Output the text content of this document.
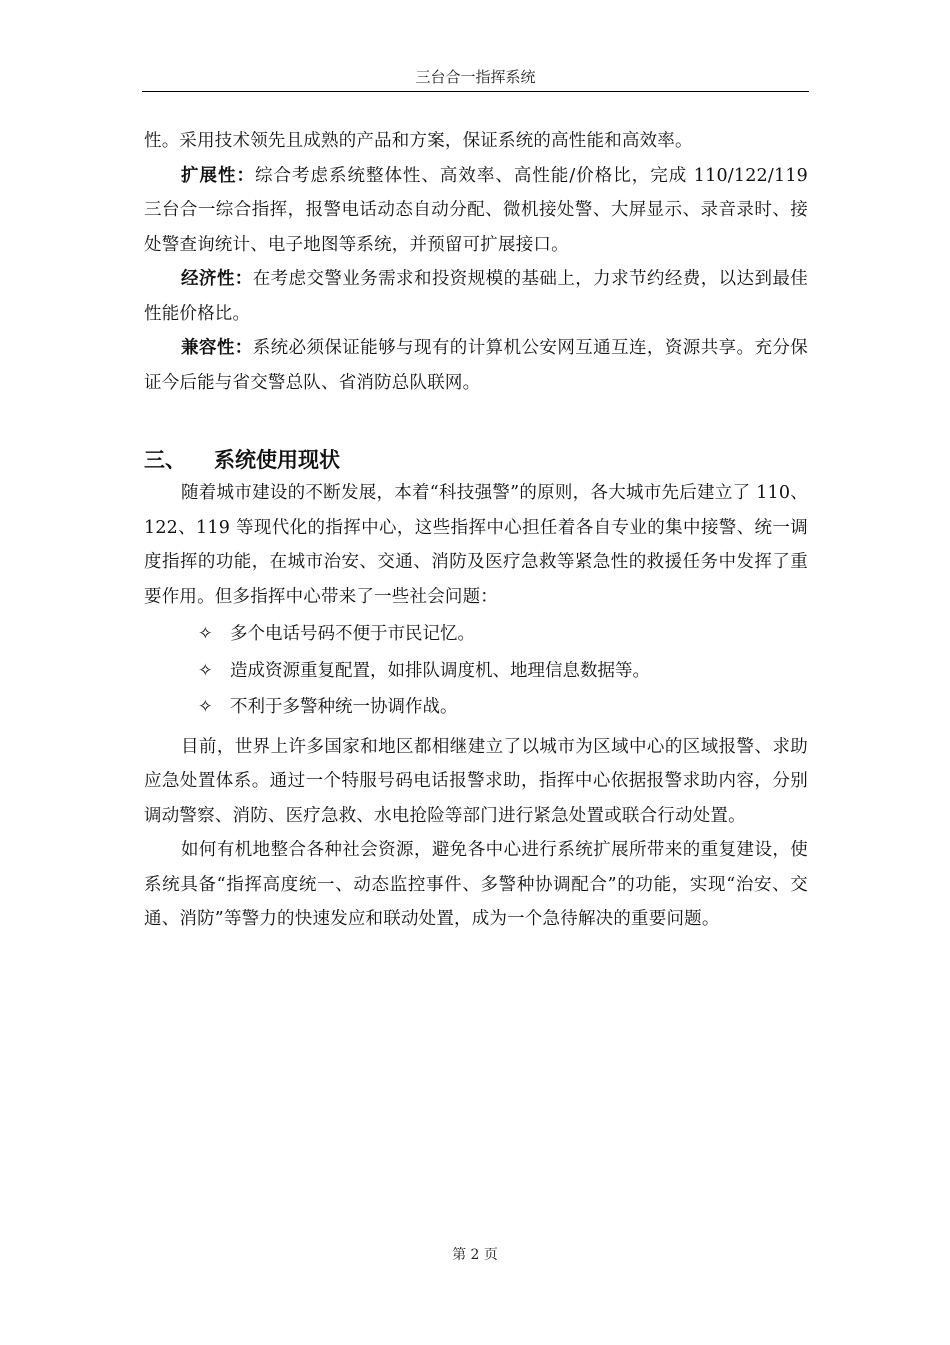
三台合一指挥系统

性。采用技术领先且成熟的产品和方案，保证系统的高性能和高效率。

扩展性：综合考虑系统整体性、高效率、高性能/价格比，完成 110/122/119 三台合一综合指挥，报警电话动态自动分配、微机接处警、大屏显示、录音录时、接处警查询统计、电子地图等系统，并预留可扩展接口。

经济性：在考虑交警业务需求和投资规模的基础上，力求节约经费，以达到最佳性能价格比。

兼容性：系统必须保证能够与现有的计算机公安网互通互连，资源共享。充分保证今后能与省交警总队、省消防总队联网。

三、 系统使用现状

随着城市建设的不断发展，本着“科技强警”的原则，各大城市先后建立了 110、122、119 等现代化的指挥中心，这些指挥中心担任着各自专业的集中接警、统一调度指挥的功能，在城市治安、交通、消防及医疗急救等紧急性的救援任务中发挥了重要作用。但多指挥中心带来了一些社会问题：

✧ 多个电话号码不便于市民记忆。
✧ 造成资源重复配置，如排队调度机、地理信息数据等。
✧ 不利于多警种统一协调作战。

目前，世界上许多国家和地区都相继建立了以城市为区域中心的区域报警、求助应急处置体系。通过一个特服号码电话报警求助，指挥中心依据报警求助内容，分别调动警察、消防、医疗急救、水电抢险等部门进行紧急处置或联合行动处置。

如何有机地整合各种社会资源，避免各中心进行系统扩展所带来的重复建设，使系统具备“指挥高度统一、动态监控事件、多警种协调配合”的功能，实现“治安、交通、消防”等警力的快速发应和联动处置，成为一个急待解决的重要问题。

第 2 页
